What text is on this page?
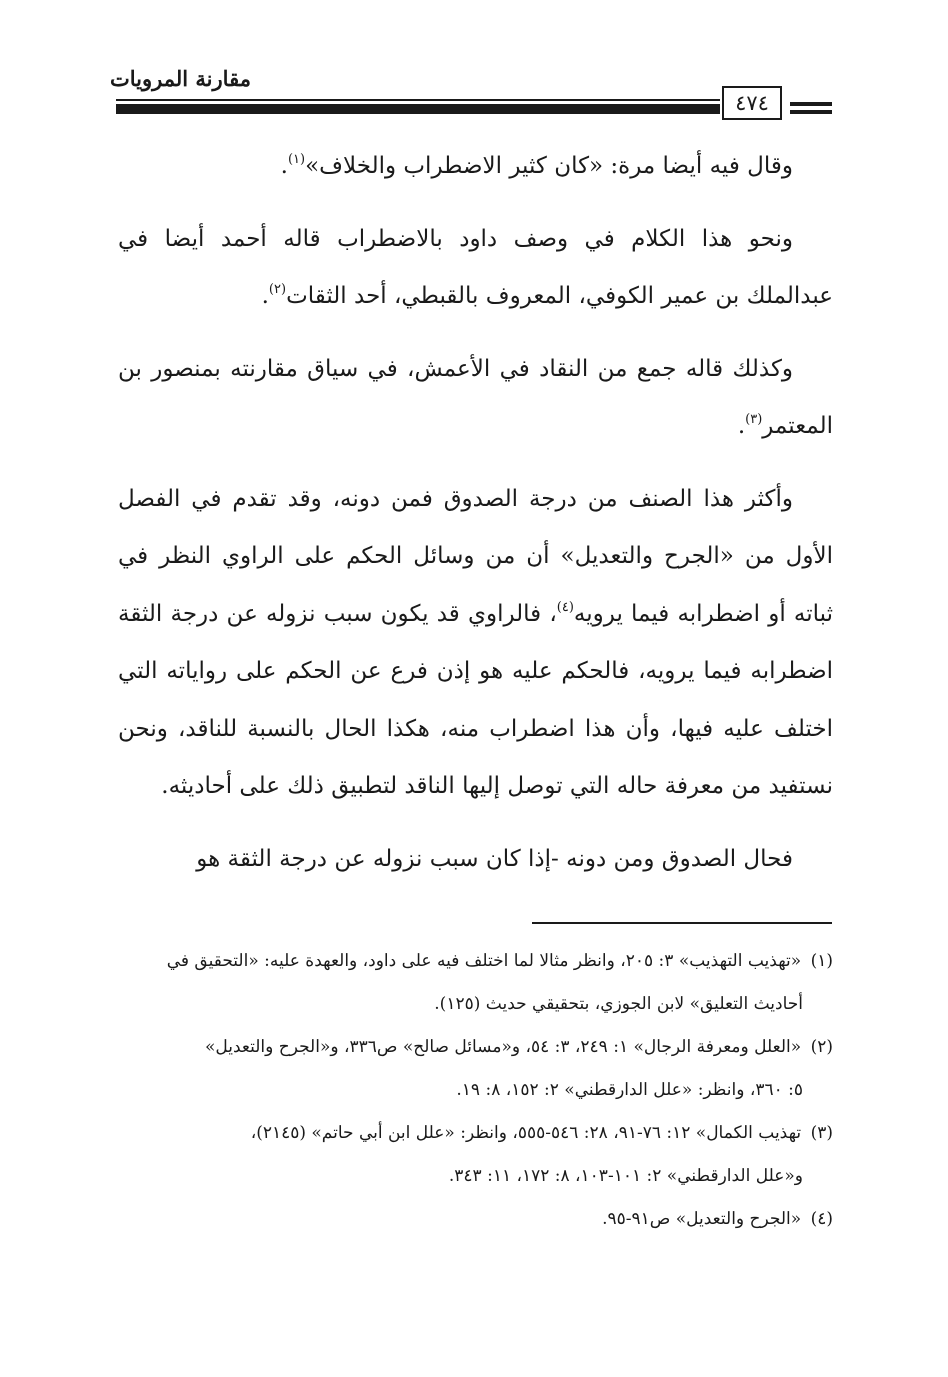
مقارنة المرويات
٤٧٤

وقال فيه أيضا مرة: «كان كثير الاضطراب والخلاف»$^{(١)}$.

ونحو هذا الكلام في وصف داود بالاضطراب قاله أحمد أيضا في عبدالملك بن عمير الكوفي، المعروف بالقبطي، أحد الثقات$^{(٢)}$.

وكذلك قاله جمع من النقاد في الأعمش، في سياق مقارنته بمنصور بن المعتمر$^{(٣)}$.

وأكثر هذا الصنف من درجة الصدوق فمن دونه، وقد تقدم في الفصل الأول من «الجرح والتعديل» أن من وسائل الحكم على الراوي النظر في ثباته أو اضطرابه فيما يرويه$^{(٤)}$، فالراوي قد يكون سبب نزوله عن درجة الثقة اضطرابه فيما يرويه، فالحكم عليه هو إذن فرع عن الحكم على رواياته التي اختلف عليه فيها، وأن هذا اضطراب منه، هكذا الحال بالنسبة للناقد، ونحن نستفيد من معرفة حاله التي توصل إليها الناقد لتطبيق ذلك على أحاديثه.

فحال الصدوق ومن دونه -إذا كان سبب نزوله عن درجة الثقة هو

(١) «تهذيب التهذيب» ٣: ٢٠٥، وانظر مثالا لما اختلف فيه على داود، والعهدة عليه: «التحقيق في

أحاديث التعليق» لابن الجوزي، بتحقيقي حديث (١٢٥).

(٢) «العلل ومعرفة الرجال» ١: ٢٤٩، ٣: ٥٤، و«مسائل صالح» ص٣٣٦، و«الجرح والتعديل»

٥: ٣٦٠، وانظر: «علل الدارقطني» ٢: ١٥٢، ٨: ١٩.

(٣) تهذيب الكمال» ١٢: ٧٦-٩١، ٢٨: ٥٤٦-٥٥٥، وانظر: «علل ابن أبي حاتم» (٢١٤٥)،

و«علل الدارقطني» ٢: ١٠١-١٠٣، ٨: ١٧٢، ١١: ٣٤٣.

(٤) «الجرح والتعديل» ص٩١-٩٥.
